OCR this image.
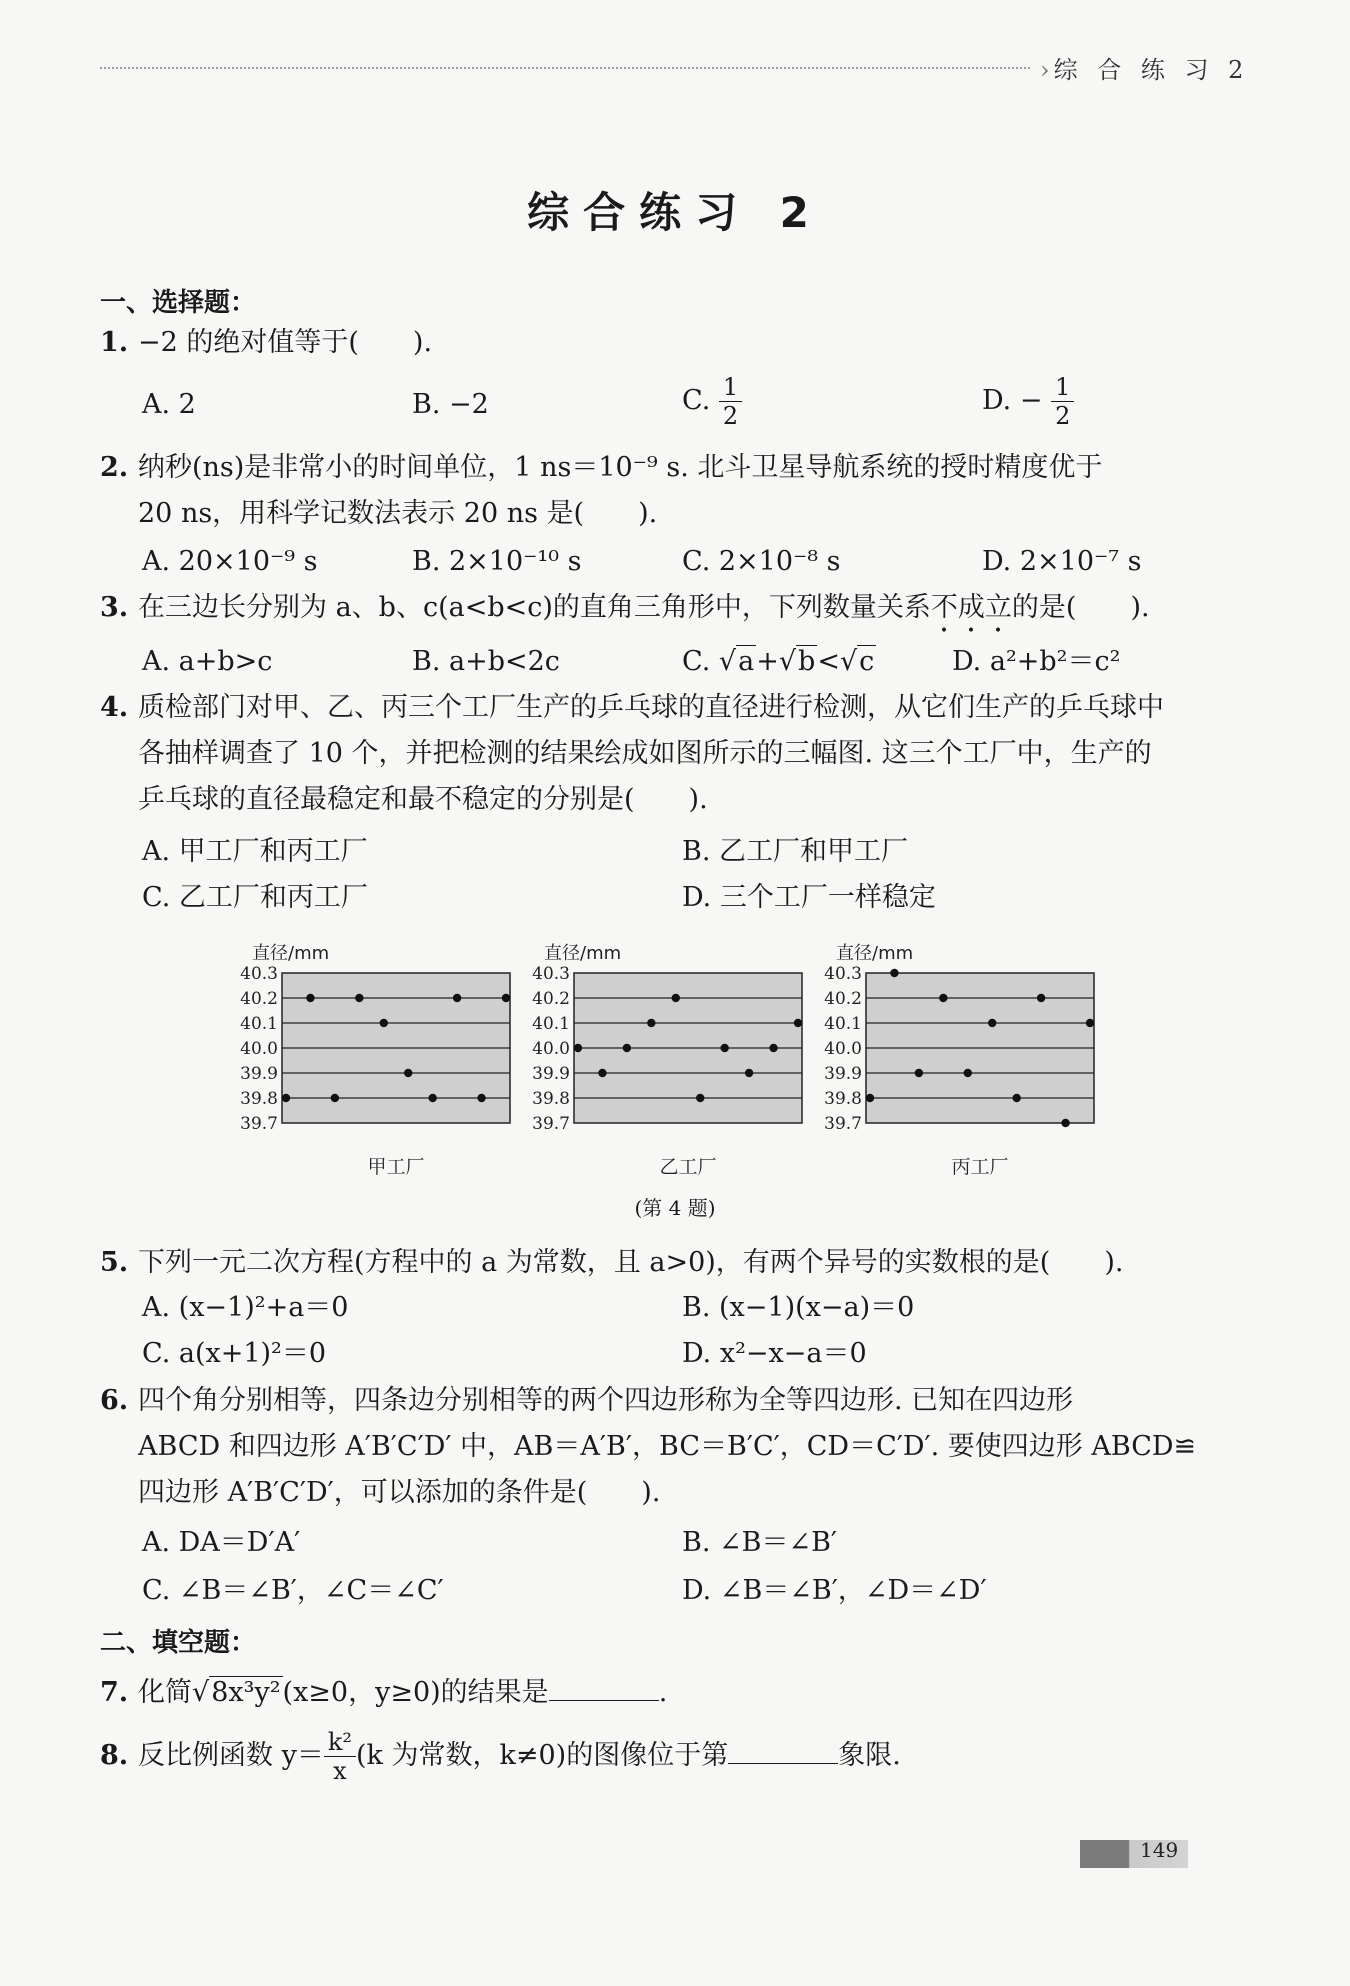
› 综 合 练 习 2
综合练习 2
一、选择题：
1. −2 的绝对值等于(　　).
A. 2	B. −2	C. $\frac{1}{2}$	D. − $\frac{1}{2}$
2. 纳秒(ns)是非常小的时间单位，1 ns＝10⁻⁹ s. 北斗卫星导航系统的授时精度优于
20 ns，用科学记数法表示 20 ns 是(　　).
A. 20×10⁻⁹ s	B. 2×10⁻¹⁰ s	C. 2×10⁻⁸ s	D. 2×10⁻⁷ s
3. 在三边长分别为 a、b、c(a<b<c)的直角三角形中，下列数量关系不成立的是(　　).
A. a+b>c	B. a+b<2c	C. √a+√b<√c	D. a²+b²＝c²
4. 质检部门对甲、乙、丙三个工厂生产的乒乓球的直径进行检测，从它们生产的乒乓球中
各抽样调查了 10 个，并把检测的结果绘成如图所示的三幅图. 这三个工厂中，生产的
乒乓球的直径最稳定和最不稳定的分别是(　　).
A. 甲工厂和丙工厂	B. 乙工厂和甲工厂
C. 乙工厂和丙工厂	D. 三个工厂一样稳定
直径/mm
40.3
40.2
40.1
40.0
39.9
39.8
39.7
甲工厂
直径/mm
40.3
40.2
40.1
40.0
39.9
39.8
39.7
乙工厂
直径/mm
40.3
40.2
40.1
40.0
39.9
39.8
39.7
丙工厂
(第 4 题)
5. 下列一元二次方程(方程中的 a 为常数，且 a>0)，有两个异号的实数根的是(　　).
A. (x−1)²+a＝0	B. (x−1)(x−a)＝0
C. a(x+1)²＝0	D. x²−x−a＝0
6. 四个角分别相等，四条边分别相等的两个四边形称为全等四边形. 已知在四边形
ABCD 和四边形 A′B′C′D′ 中，AB＝A′B′，BC＝B′C′，CD＝C′D′. 要使四边形 ABCD≌
四边形 A′B′C′D′，可以添加的条件是(　　).
A. DA＝D′A′	B. ∠B＝∠B′
C. ∠B＝∠B′，∠C＝∠C′	D. ∠B＝∠B′，∠D＝∠D′
二、填空题：
7. 化简√8x³y²(x≥0，y≥0)的结果是	.
8. 反比例函数 $y= \frac{\text{k²}}{x} (k$ 为常数，k≠0)的图像位于第	象限.
149
